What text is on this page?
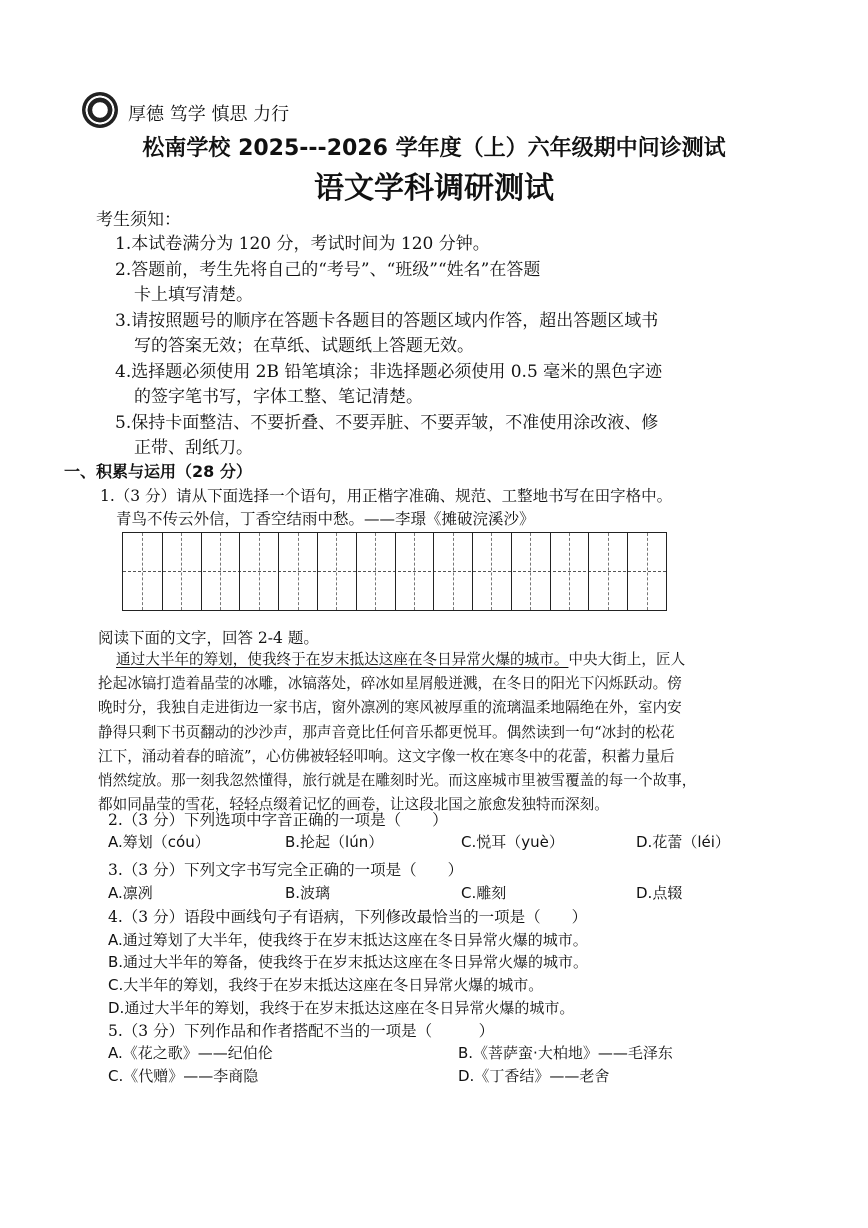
厚德 笃学 慎思 力行
松南学校 2025---2026 学年度（上）六年级期中问诊测试
语文学科调研测试
考生须知：
1.本试卷满分为 120 分，考试时间为 120 分钟。
2.答题前，考生先将自己的“考号”、“班级”“姓名”在答题
卡上填写清楚。
3.请按照题号的顺序在答题卡各题目的答题区域内作答，超出答题区域书
写的答案无效；在草纸、试题纸上答题无效。
4.选择题必须使用 2B 铅笔填涂；非选择题必须使用 0.5 毫米的黑色字迹
的签字笔书写，字体工整、笔记清楚。
5.保持卡面整洁、不要折叠、不要弄脏、不要弄皱，不准使用涂改液、修
正带、刮纸刀。
一、积累与运用（28 分）
1.（3 分）请从下面选择一个语句，用正楷字准确、规范、工整地书写在田字格中。
青鸟不传云外信，丁香空结雨中愁。——李璟《摊破浣溪沙》
阅读下面的文字，回答 2-4 题。
通过大半年的筹划，使我终于在岁末抵达这座在冬日异常火爆的城市。中央大街上，匠人
抡起冰镐打造着晶莹的冰雕，冰镐落处，碎冰如星屑般迸溅，在冬日的阳光下闪烁跃动。傍
晚时分，我独自走进街边一家书店，窗外凛冽的寒风被厚重的流璃温柔地隔绝在外，室内安
静得只剩下书页翻动的沙沙声，那声音竟比任何音乐都更悦耳。偶然读到一句“冰封的松花
江下，涌动着春的暗流”，心仿佛被轻轻叩响。这文字像一枚在寒冬中的花蕾，积蓄力量后
悄然绽放。那一刻我忽然懂得，旅行就是在雕刻时光。而这座城市里被雪覆盖的每一个故事，
都如同晶莹的雪花，轻轻点缀着记忆的画卷，让这段北国之旅愈发独特而深刻。
2.（3 分）下列选项中字音正确的一项是（　　）
A.筹划（cóu）	B.抡起（lún）	C.悦耳（yuè）	D.花蕾（léi）
3.（3 分）下列文字书写完全正确的一项是（　　）
A.凛冽	B.波璃	C.雕刻	D.点辍
4.（3 分）语段中画线句子有语病，下列修改最恰当的一项是（　　）
A.通过筹划了大半年，使我终于在岁末抵达这座在冬日异常火爆的城市。
B.通过大半年的筹备，使我终于在岁末抵达这座在冬日异常火爆的城市。
C.大半年的筹划，我终于在岁末抵达这座在冬日异常火爆的城市。
D.通过大半年的筹划，我终于在岁末抵达这座在冬日异常火爆的城市。
5.（3 分）下列作品和作者搭配不当的一项是（　　　）
A.《花之歌》——纪伯伦	B.《菩萨蛮·大柏地》——毛泽东
C.《代赠》——李商隐	D.《丁香结》——老舍
